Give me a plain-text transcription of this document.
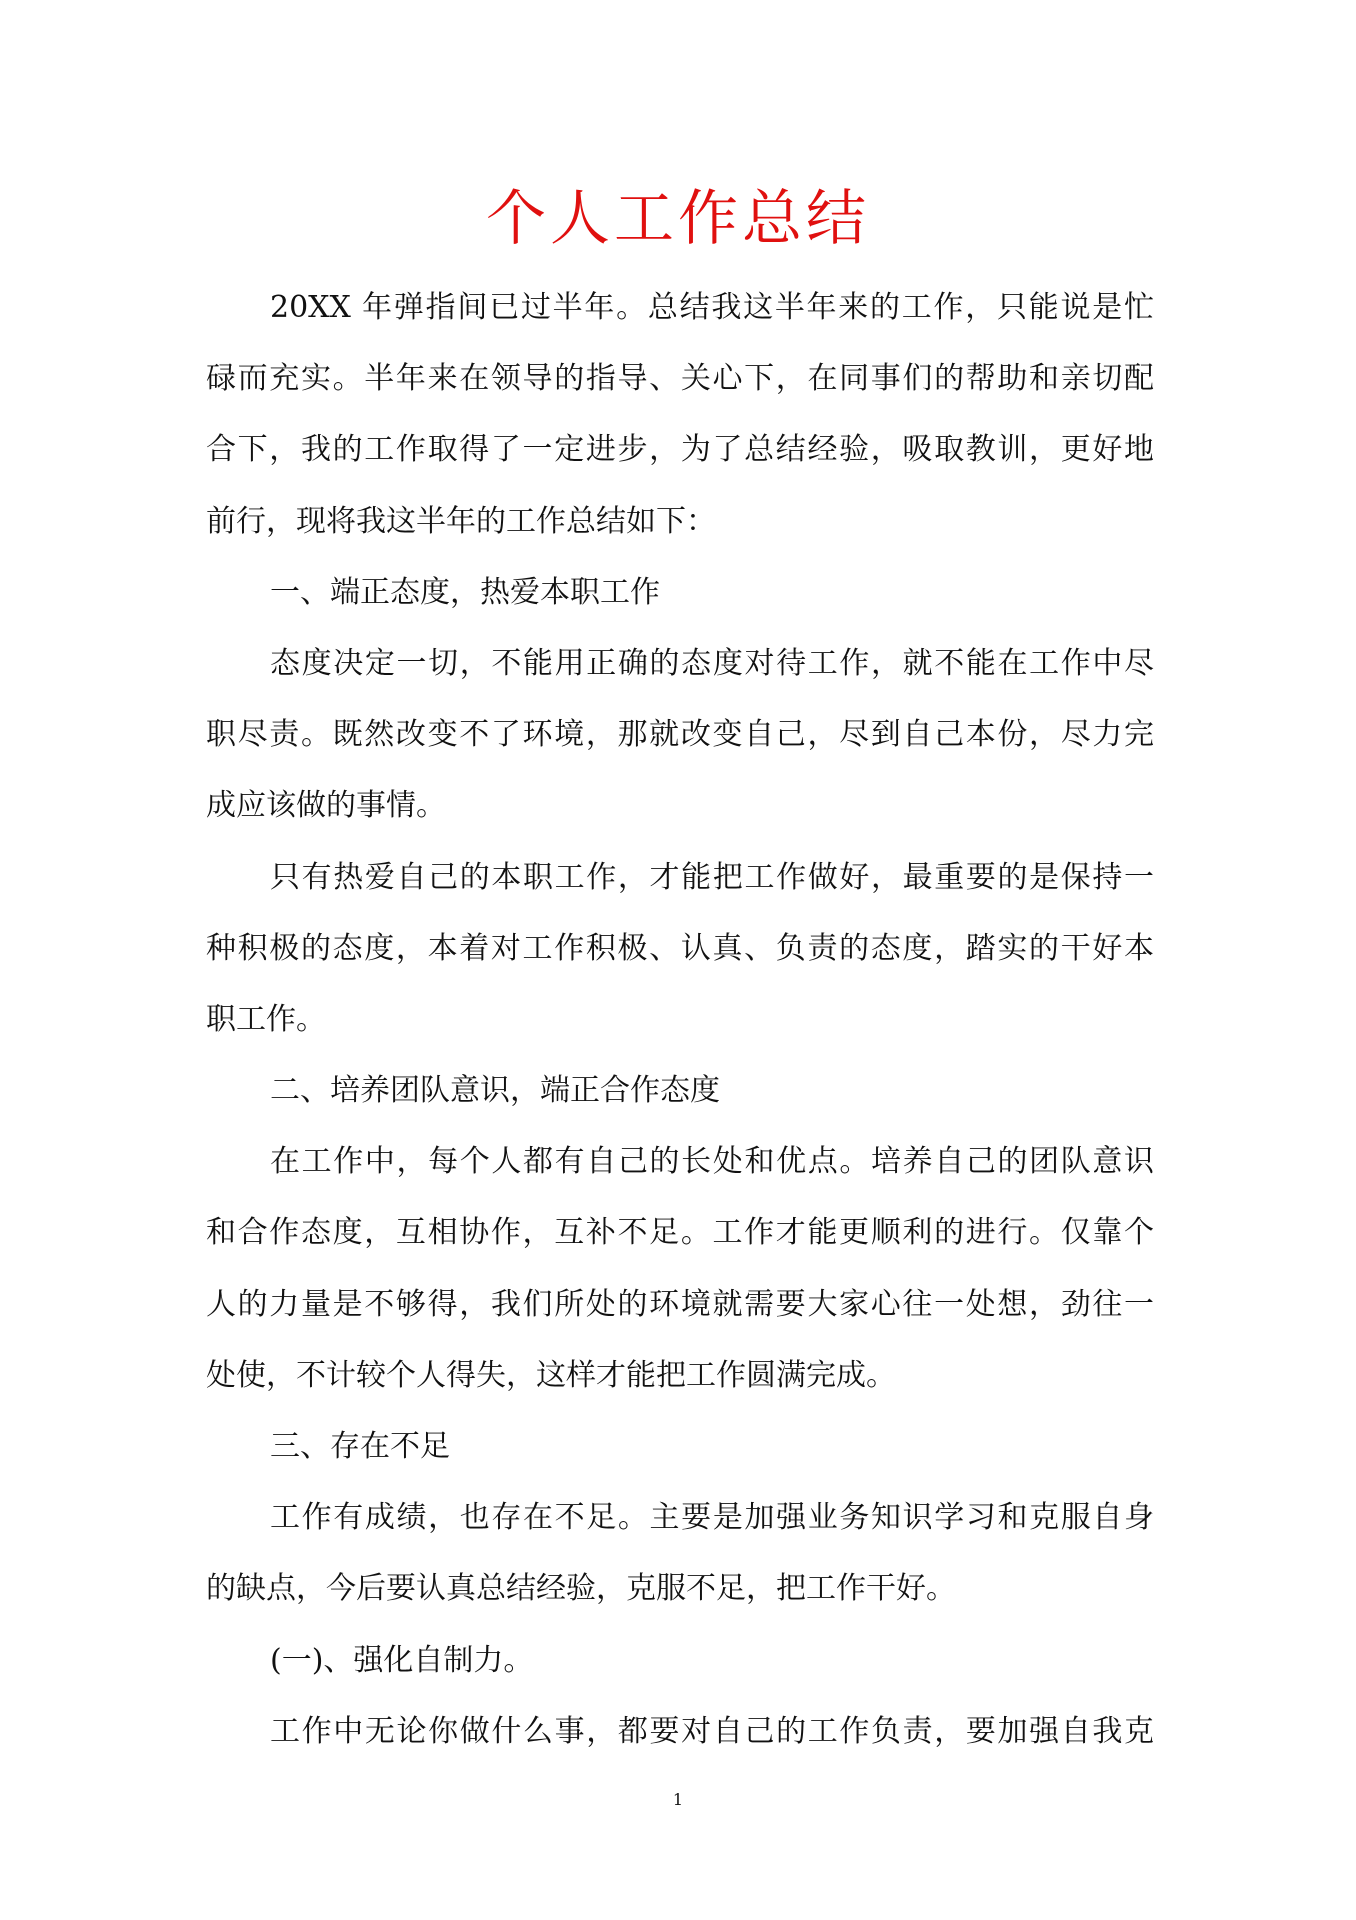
个人工作总结
20XX 年弹指间已过半年。总结我这半年来的工作，只能说是忙
碌而充实。半年来在领导的指导、关心下，在同事们的帮助和亲切配
合下，我的工作取得了一定进步，为了总结经验，吸取教训，更好地
前行，现将我这半年的工作总结如下：
一、端正态度，热爱本职工作
态度决定一切，不能用正确的态度对待工作，就不能在工作中尽
职尽责。既然改变不了环境，那就改变自己，尽到自己本份，尽力完
成应该做的事情。
只有热爱自己的本职工作，才能把工作做好，最重要的是保持一
种积极的态度，本着对工作积极、认真、负责的态度，踏实的干好本
职工作。
二、培养团队意识，端正合作态度
在工作中，每个人都有自己的长处和优点。培养自己的团队意识
和合作态度，互相协作，互补不足。工作才能更顺利的进行。仅靠个
人的力量是不够得，我们所处的环境就需要大家心往一处想，劲往一
处使，不计较个人得失，这样才能把工作圆满完成。
三、存在不足
工作有成绩，也存在不足。主要是加强业务知识学习和克服自身
的缺点，今后要认真总结经验，克服不足，把工作干好。
(一)、强化自制力。
工作中无论你做什么事，都要对自己的工作负责，要加强自我克
1
